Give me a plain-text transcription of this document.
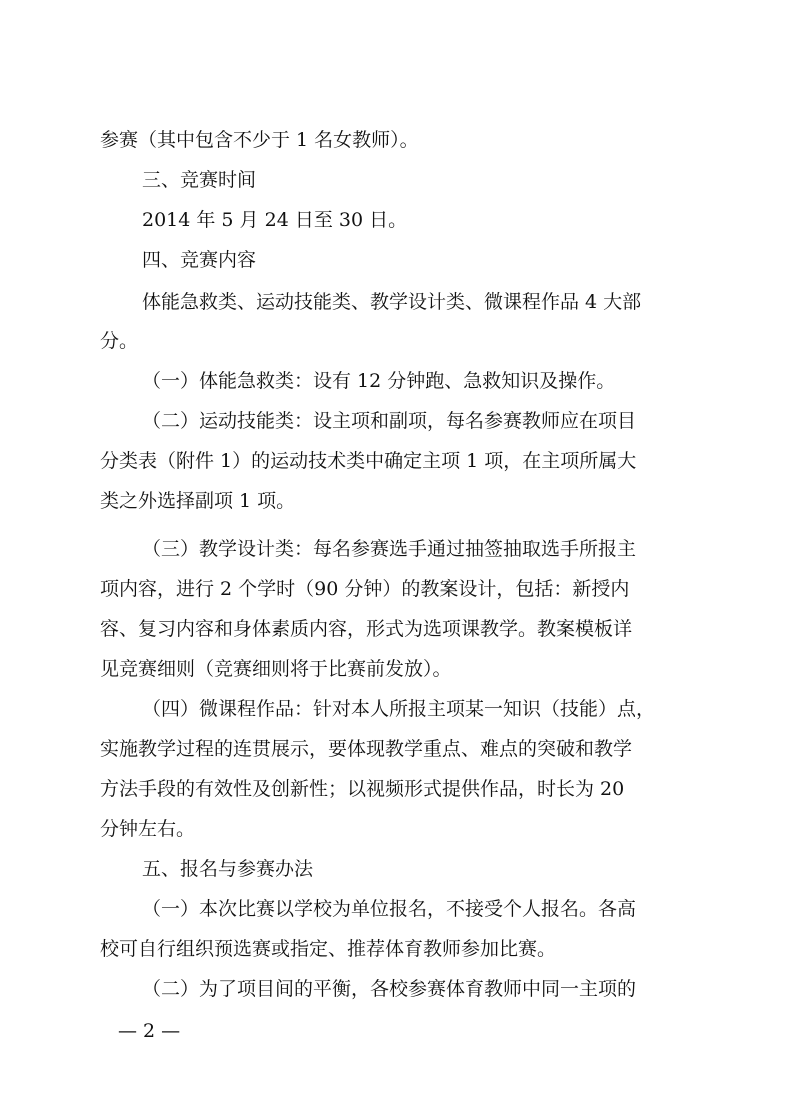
参赛（其中包含不少于 1 名女教师）。
三、竞赛时间
2014 年 5 月 24 日至 30 日。
四、竞赛内容
体能急救类、运动技能类、教学设计类、微课程作品 4 大部
分。
（一）体能急救类：设有 12 分钟跑、急救知识及操作。
（二）运动技能类：设主项和副项，每名参赛教师应在项目
分类表（附件 1）的运动技术类中确定主项 1 项，在主项所属大
类之外选择副项 1 项。
（三）教学设计类：每名参赛选手通过抽签抽取选手所报主
项内容，进行 2 个学时（90 分钟）的教案设计，包括：新授内
容、复习内容和身体素质内容，形式为选项课教学。教案模板详
见竞赛细则（竞赛细则将于比赛前发放）。
（四）微课程作品：针对本人所报主项某一知识（技能）点，
实施教学过程的连贯展示，要体现教学重点、难点的突破和教学
方法手段的有效性及创新性；以视频形式提供作品，时长为 20
分钟左右。
五、报名与参赛办法
（一）本次比赛以学校为单位报名，不接受个人报名。各高
校可自行组织预选赛或指定、推荐体育教师参加比赛。
（二）为了项目间的平衡，各校参赛体育教师中同一主项的
— 2 —
